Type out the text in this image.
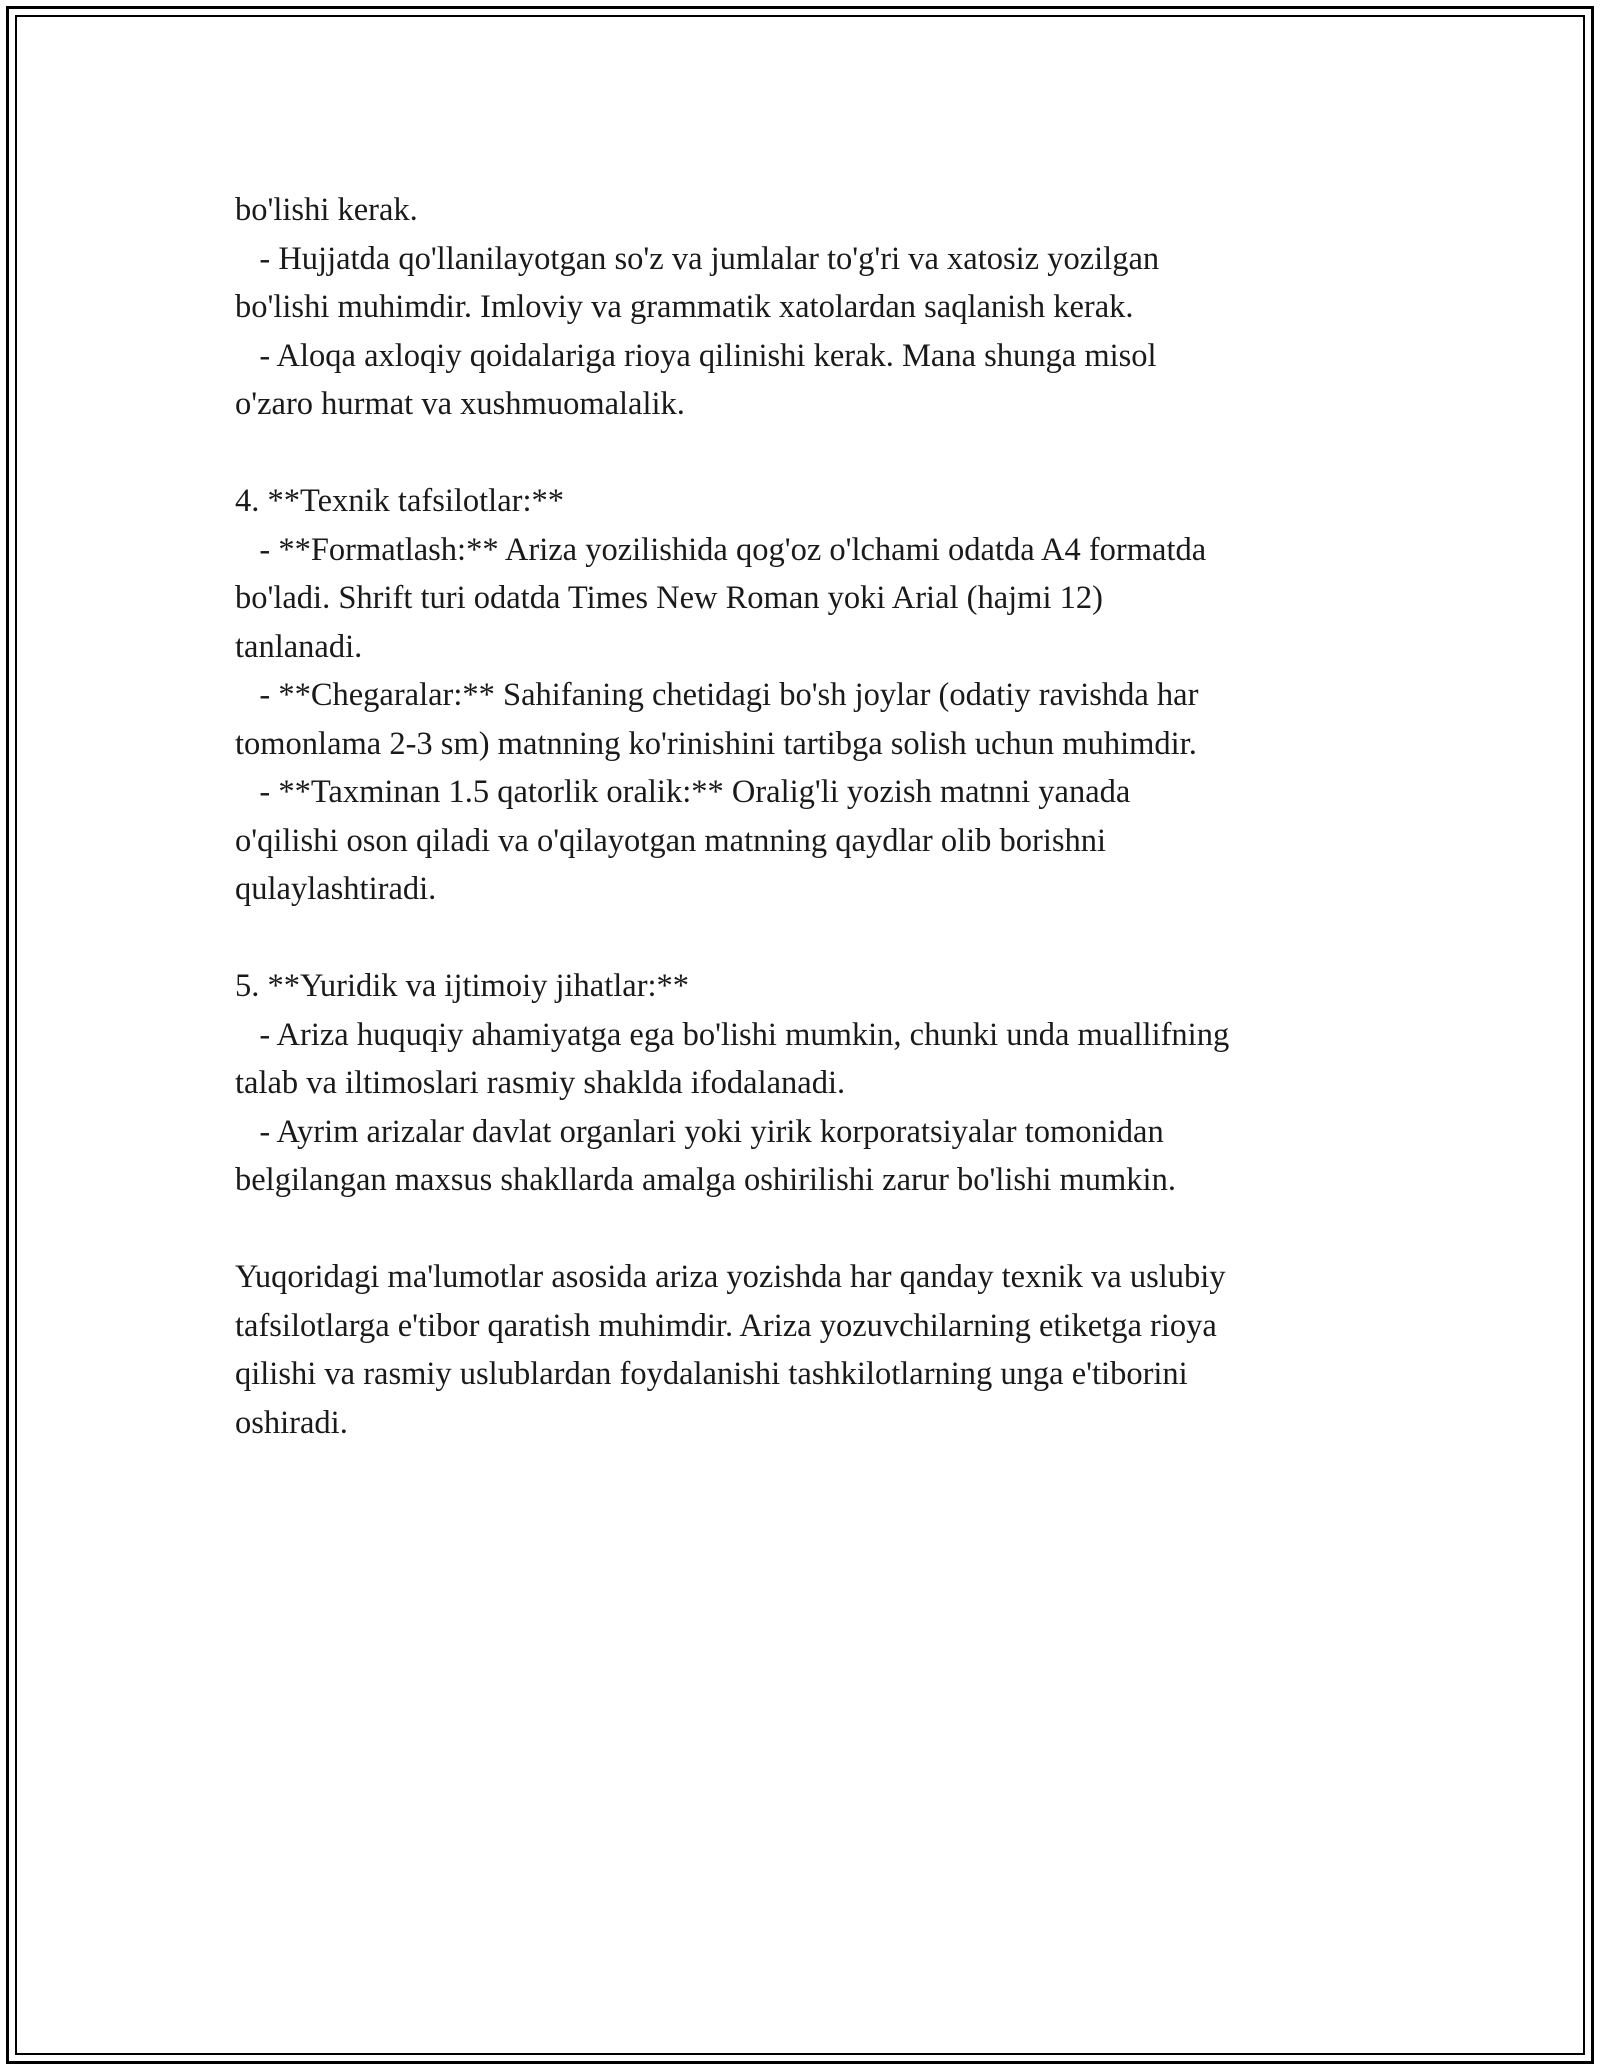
bo'lishi kerak.
- Hujjatda qo'llanilayotgan so'z va jumlalar to'g'ri va xatosiz yozilgan
bo'lishi muhimdir. Imloviy va grammatik xatolardan saqlanish kerak.
- Aloqa axloqiy qoidalariga rioya qilinishi kerak. Mana shunga misol
o'zaro hurmat va xushmuomalalik.
4. **Texnik tafsilotlar:**
- **Formatlash:** Ariza yozilishida qog'oz o'lchami odatda A4 formatda
bo'ladi. Shrift turi odatda Times New Roman yoki Arial (hajmi 12)
tanlanadi.
- **Chegaralar:** Sahifaning chetidagi bo'sh joylar (odatiy ravishda har
tomonlama 2-3 sm) matnning ko'rinishini tartibga solish uchun muhimdir.
- **Taxminan 1.5 qatorlik oralik:** Oralig'li yozish matnni yanada
o'qilishi oson qiladi va o'qilayotgan matnning qaydlar olib borishni
qulaylashtiradi.
5. **Yuridik va ijtimoiy jihatlar:**
- Ariza huquqiy ahamiyatga ega bo'lishi mumkin, chunki unda muallifning
talab va iltimoslari rasmiy shaklda ifodalanadi.
- Ayrim arizalar davlat organlari yoki yirik korporatsiyalar tomonidan
belgilangan maxsus shakllarda amalga oshirilishi zarur bo'lishi mumkin.
Yuqoridagi ma'lumotlar asosida ariza yozishda har qanday texnik va uslubiy
tafsilotlarga e'tibor qaratish muhimdir. Ariza yozuvchilarning etiketga rioya
qilishi va rasmiy uslublardan foydalanishi tashkilotlarning unga e'tiborini
oshiradi.
